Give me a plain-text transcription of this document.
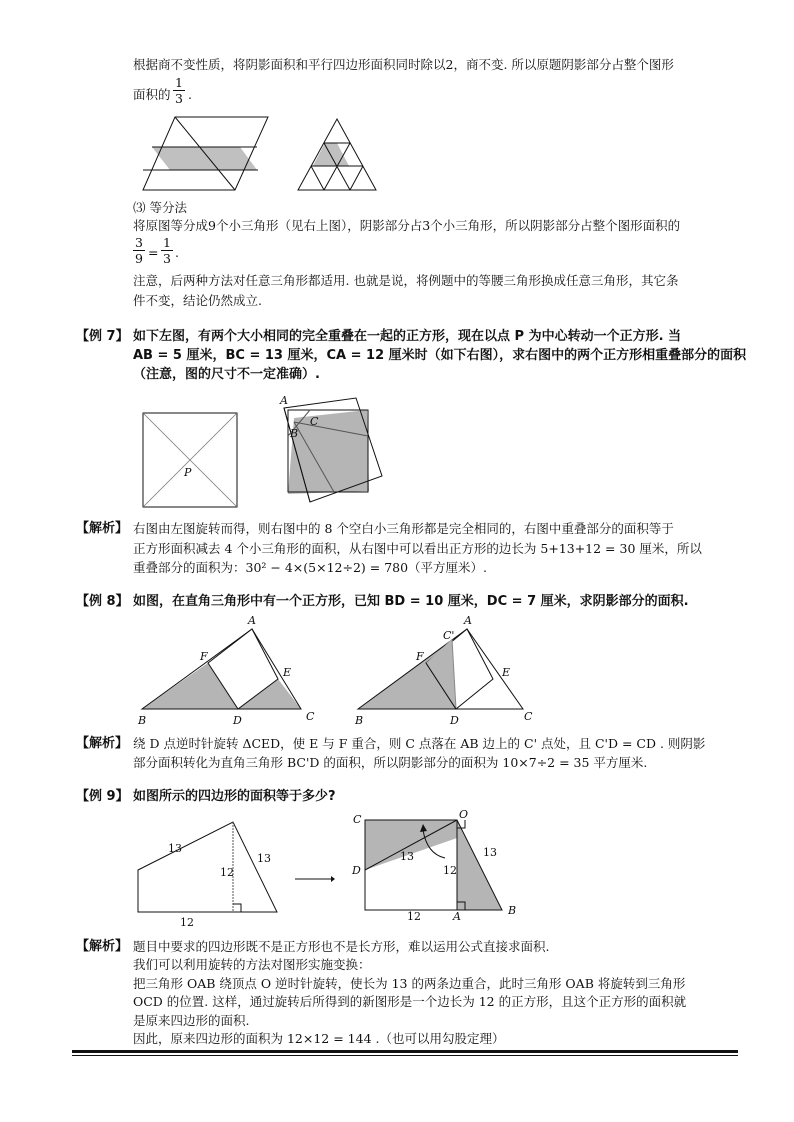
根据商不变性质，将阴影面积和平行四边形面积同时除以2，商不变. 所以原题阴影部分占整个图形
面积的
1
3 .
⑶ 等分法
将原图等分成9个小三角形（见右上图），阴影部分占3个小三角形，所以阴影部分占整个图形面积的
3
9 =
1
3 .
注意，后两种方法对任意三角形都适用. 也就是说，将例题中的等腰三角形换成任意三角形，其它条
件不变，结论仍然成立.
【例 7】 如下左图，有两个大小相同的完全重叠在一起的正方形，现在以点 P 为中心转动一个正方形. 当
AB = 5 厘米，BC = 13 厘米，CA = 12 厘米时（如下右图），求右图中的两个正方形相重叠部分的面积
（注意，图的尺寸不一定准确）.
P
A
B
C
【解析】 右图由左图旋转而得，则右图中的 8 个空白小三角形都是完全相同的，右图中重叠部分的面积等于
正方形面积减去 4 个小三角形的面积，从右图中可以看出正方形的边长为 5+13+12 = 30 厘米，所以
重叠部分的面积为：30² − 4×(5×12÷2) = 780（平方厘米）.
【例 8】 如图，在直角三角形中有一个正方形，已知 BD = 10 厘米，DC = 7 厘米，求阴影部分的面积.
A
F
E
B	D	C
A
C'
F
E
B	D	C
【解析】 绕 D 点逆时针旋转 ΔCED，使 E 与 F 重合，则 C 点落在 AB 边上的 C' 点处，且 C'D = CD . 则阴影
部分面积转化为直角三角形 BC'D 的面积，所以阴影部分的面积为 10×7÷2 = 35 平方厘米.
【例 9】 如图所示的四边形的面积等于多少?
13
13
12
12
C	O
D
A	B
13	13
12
12
【解析】 题目中要求的四边形既不是正方形也不是长方形，难以运用公式直接求面积.
我们可以利用旋转的方法对图形实施变换：
把三角形 OAB 绕顶点 O 逆时针旋转，使长为 13 的两条边重合，此时三角形 OAB 将旋转到三角形
OCD 的位置. 这样，通过旋转后所得到的新图形是一个边长为 12 的正方形，且这个正方形的面积就
是原来四边形的面积.
因此，原来四边形的面积为 12×12 = 144 .（也可以用勾股定理）
